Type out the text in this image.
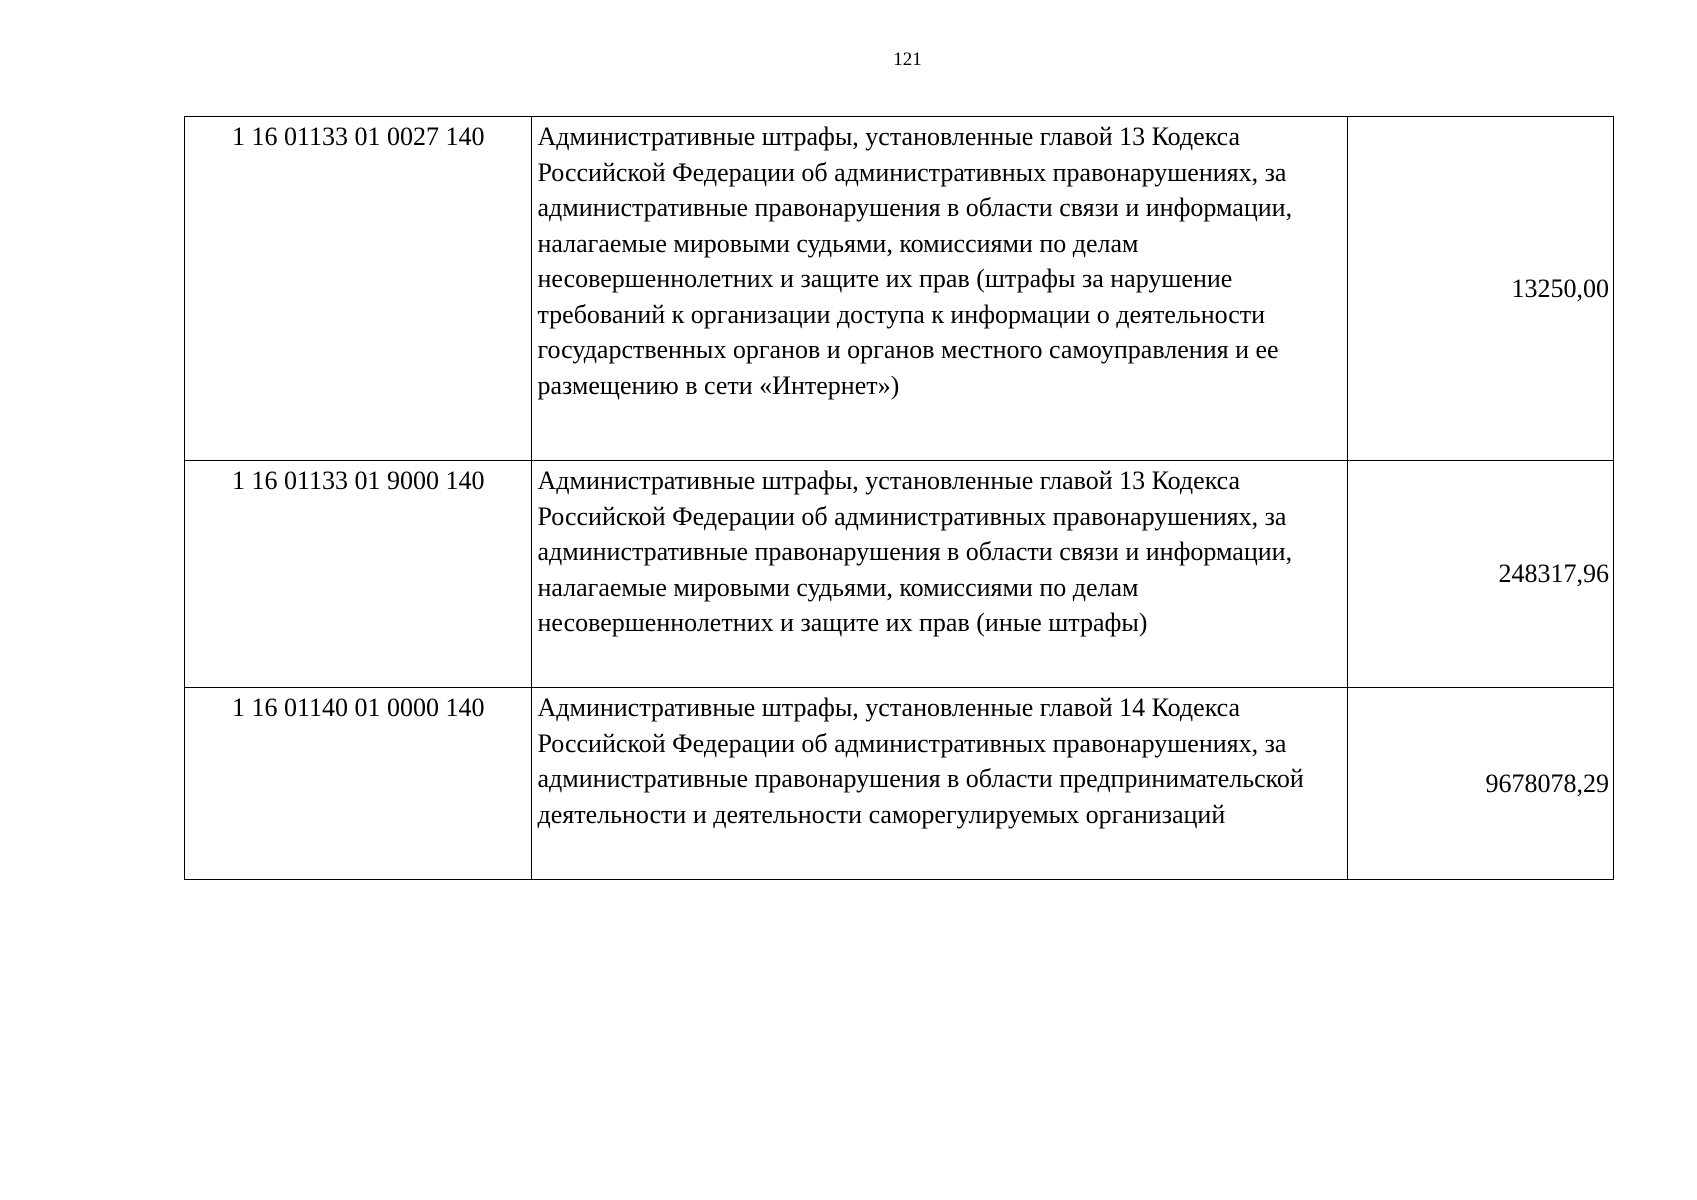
121
1 16 01133 01 0027 140	Административные штрафы, установленные главой 13 Кодекса Российской Федерации об административных правонарушениях, за административные правонарушения в области связи и информации, налагаемые мировыми судьями, комиссиями по делам несовершеннолетних и защите их прав (штрафы за нарушение требований к организации доступа к информации о деятельности государственных органов и органов местного самоуправления и ее размещению в сети «Интернет»)	13250,00
1 16 01133 01 9000 140	Административные штрафы, установленные главой 13 Кодекса Российской Федерации об административных правонарушениях, за административные правонарушения в области связи и информации, налагаемые мировыми судьями, комиссиями по делам несовершеннолетних и защите их прав (иные штрафы)	248317,96
1 16 01140 01 0000 140	Административные штрафы, установленные главой 14 Кодекса Российской Федерации об административных правонарушениях, за административные правонарушения в области предпринимательской деятельности и деятельности саморегулируемых организаций	9678078,29
